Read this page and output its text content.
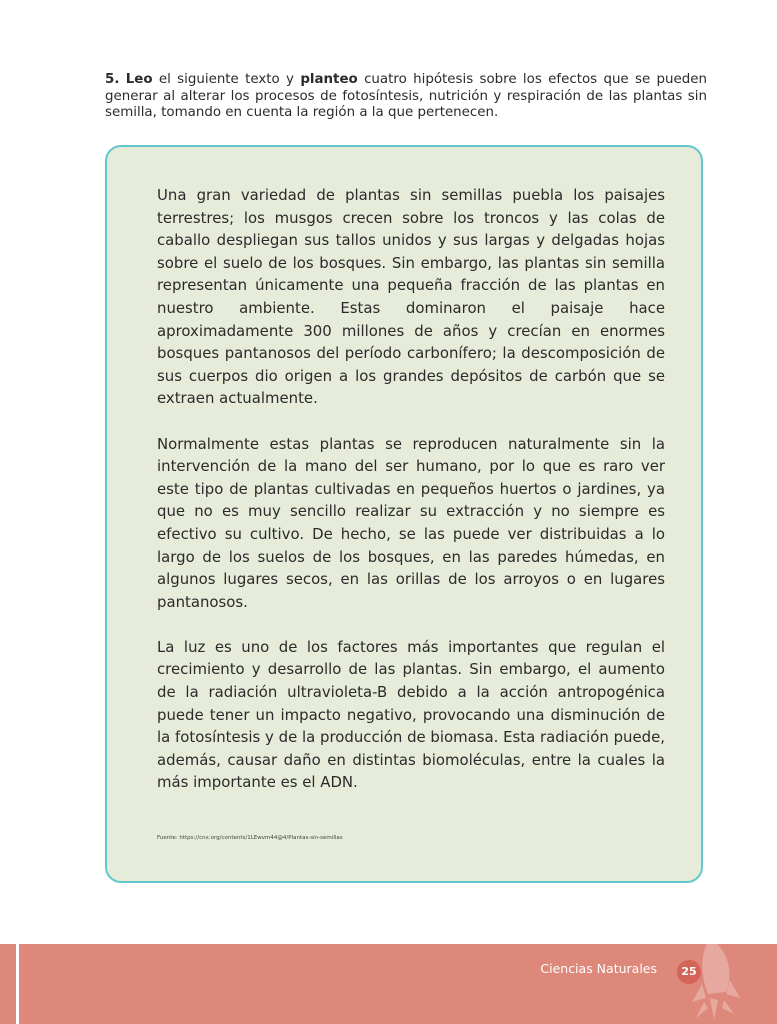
5. Leo el siguiente texto y planteo cuatro hipótesis sobre los efectos que se pueden generar al alterar los procesos de fotosíntesis, nutrición y respiración de las plantas sin semilla, tomando en cuenta la región a la que pertenecen.

Una gran variedad de plantas sin semillas puebla los paisajes terrestres; los musgos crecen sobre los troncos y las colas de caballo despliegan sus tallos unidos y sus largas y delgadas hojas sobre el suelo de los bosques. Sin embargo, las plantas sin semilla representan únicamente una pequeña fracción de las plantas en nuestro ambiente. Estas dominaron el paisaje hace aproximadamente 300 millones de años y crecían en enormes bosques pantanosos del período carbonífero; la descomposición de sus cuerpos dio origen a los grandes depósitos de carbón que se extraen actualmente.

Normalmente estas plantas se reproducen naturalmente sin la intervención de la mano del ser humano, por lo que es raro ver este tipo de plantas cultivadas en pequeños huertos o jardines, ya que no es muy sencillo realizar su extracción y no siempre es efectivo su cultivo. De hecho, se las puede ver distribuidas a lo largo de los suelos de los bosques, en las paredes húmedas, en algunos lugares secos, en las orillas de los arroyos o en lugares pantanosos.

La luz es uno de los factores más importantes que regulan el crecimiento y desarrollo de las plantas. Sin embargo, el aumento de la radiación ultravioleta-B debido a la acción antropogénica puede tener un impacto negativo, provocando una disminución de la fotosíntesis y de la producción de biomasa. Esta radiación puede, además, causar daño en distintas biomoléculas, entre la cuales la más importante es el ADN.

Fuente: https://cnx.org/contents/1LEwvm44@4/Plantas-sin-semillas
Ciencias Naturales	25
